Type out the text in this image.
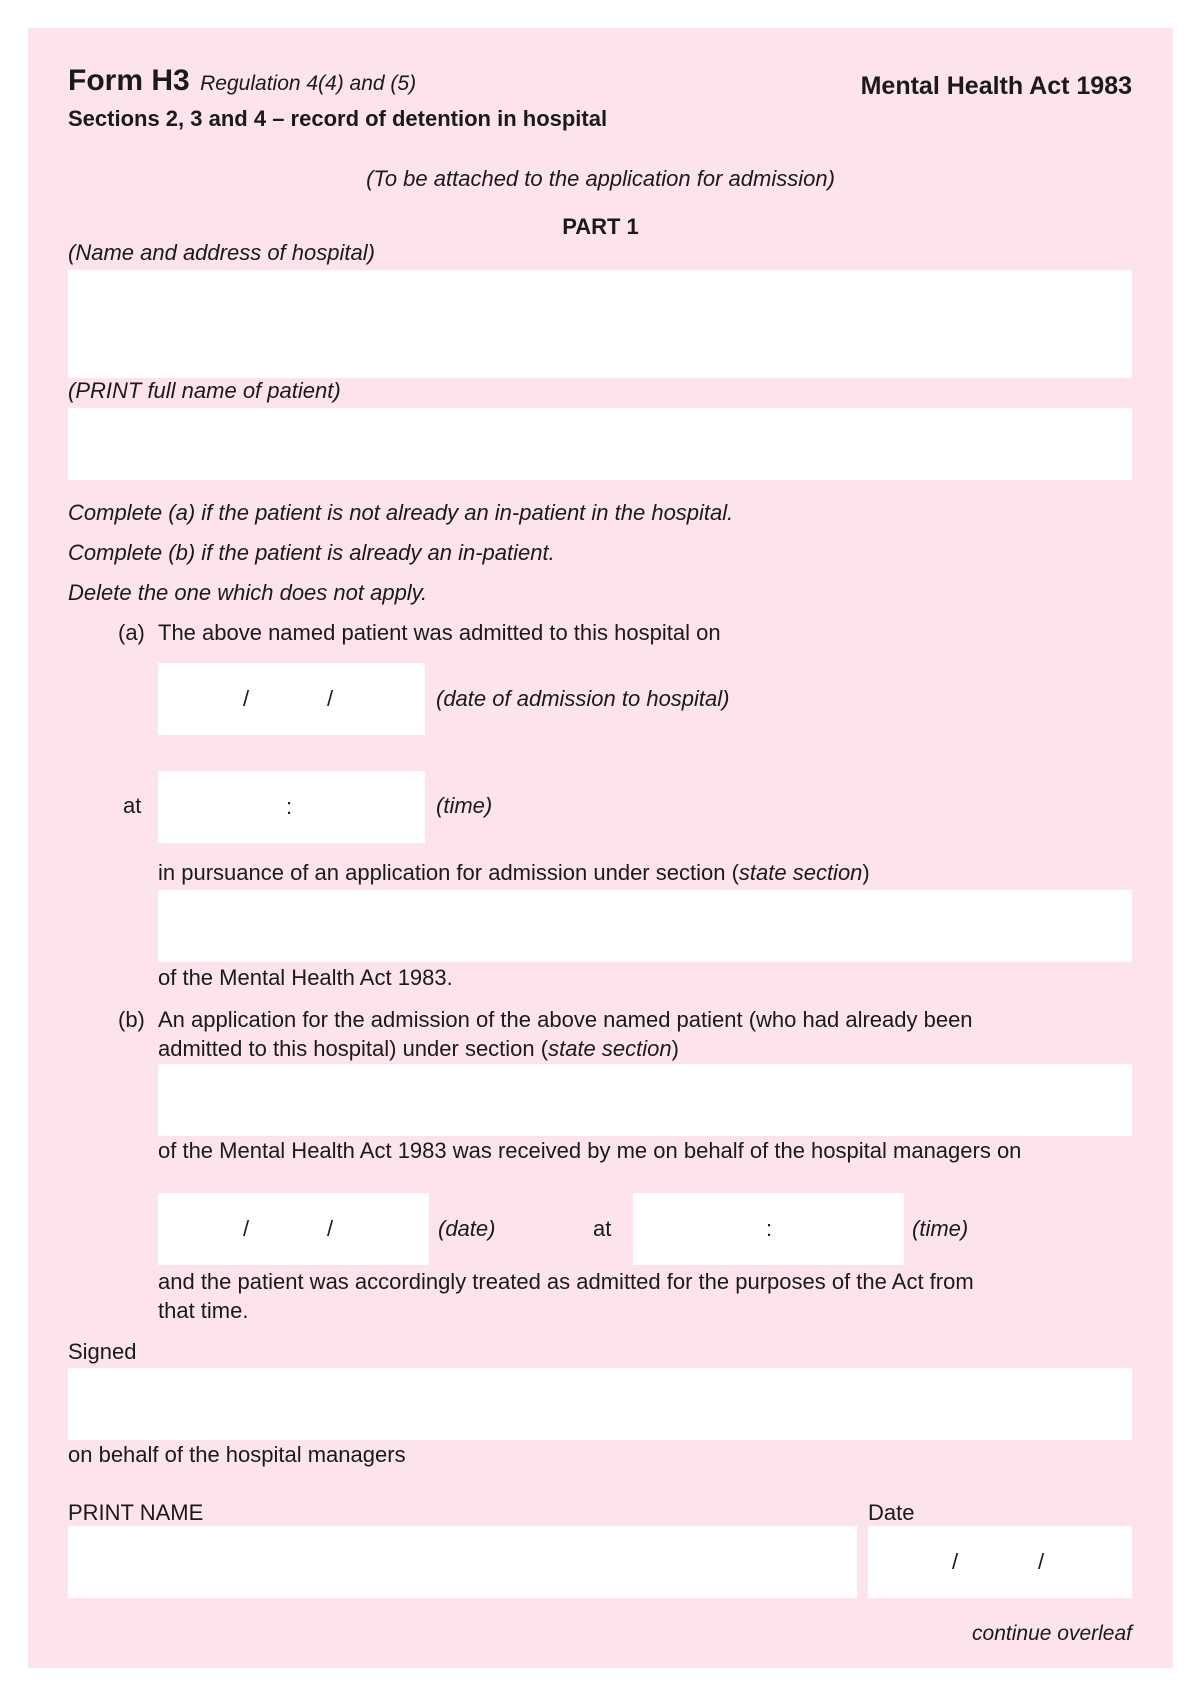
Form H3 Regulation 4(4) and (5)	Mental Health Act 1983
Sections 2, 3 and 4 – record of detention in hospital
(To be attached to the application for admission)
PART 1
(Name and address of hospital)
(PRINT full name of patient)
Complete (a) if the patient is not already an in-patient in the hospital.
Complete (b) if the patient is already an in-patient.
Delete the one which does not apply.
(a) The above named patient was admitted to this hospital on
/	/	(date of admission to hospital)
at	:	(time)
in pursuance of an application for admission under section (state section)
of the Mental Health Act 1983.
(b) An application for the admission of the above named patient (who had already been
admitted to this hospital) under section (state section)
of the Mental Health Act 1983 was received by me on behalf of the hospital managers on
/	/	(date)	at	:	(time)
and the patient was accordingly treated as admitted for the purposes of the Act from
that time.
Signed
on behalf of the hospital managers
PRINT NAME	Date
/	/
continue overleaf
